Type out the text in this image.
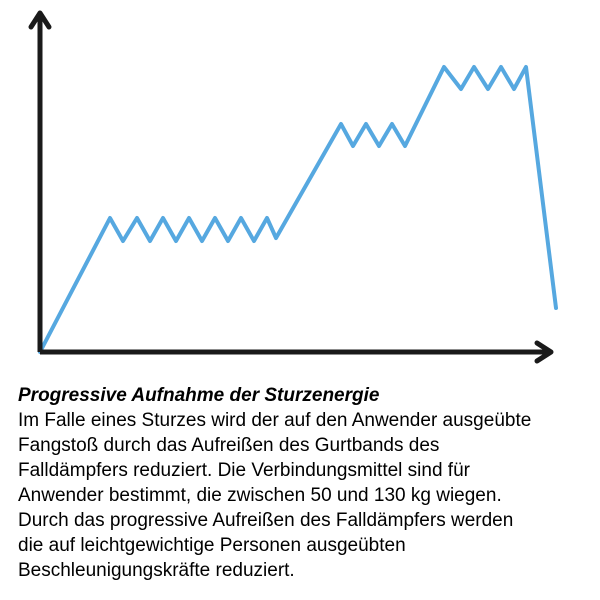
Progressive Aufnahme der Sturzenergie

Im Falle eines Sturzes wird der auf den Anwender ausgeübte

Fangstoß durch das Aufreißen des Gurtbands des

Falldämpfers reduziert. Die Verbindungsmittel sind für

Anwender bestimmt, die zwischen 50 und 130 kg wiegen.

Durch das progressive Aufreißen des Falldämpfers werden

die auf leichtgewichtige Personen ausgeübten

Beschleunigungskräfte reduziert.
